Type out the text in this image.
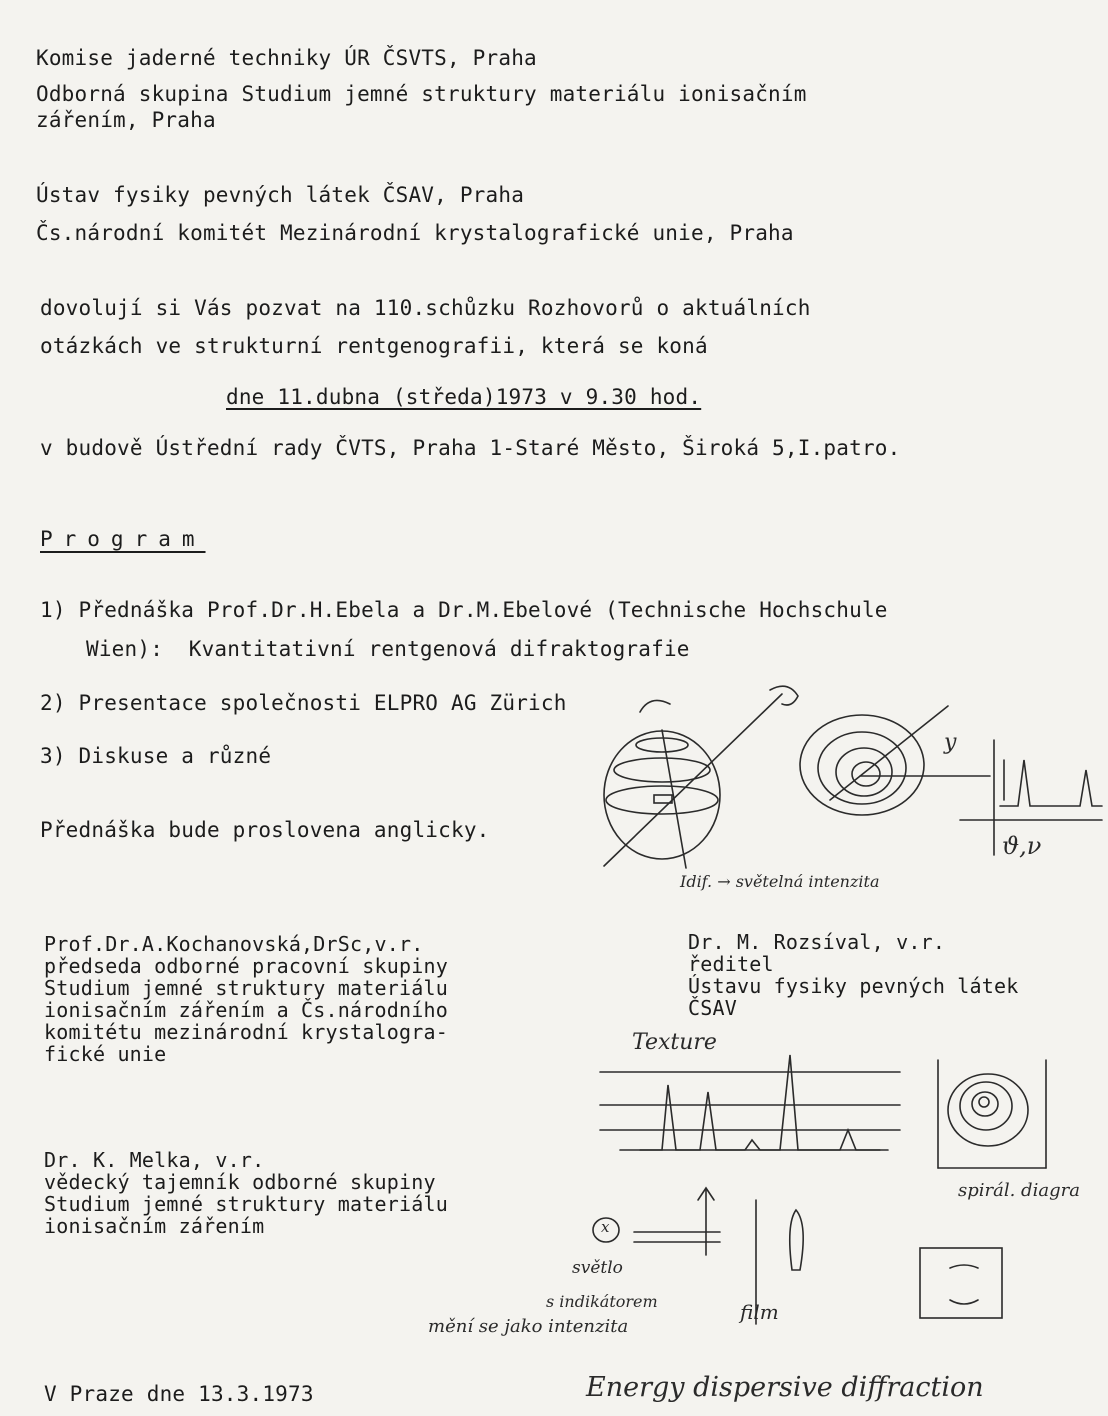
Komise jaderné techniky ÚR ČSVTS, Praha
Odborná skupina Studium jemné struktury materiálu ionisačním
zářením, Praha
Ústav fysiky pevných látek ČSAV, Praha
Čs.národní komitét Mezinárodní krystalografické unie, Praha
dovolují si Vás pozvat na 110.schůzku Rozhovorů o aktuálních
otázkách ve strukturní rentgenografii, která se koná
dne 11.dubna (středa)1973 v 9.30 hod.
v budově Ústřední rady ČVTS, Praha 1-Staré Město, Široká 5,I.patro.
Program
1) Přednáška Prof.Dr.H.Ebela a Dr.M.Ebelové (Technische Hochschule
Wien):  Kvantitativní rentgenová difraktografie
2) Presentace společnosti ELPRO AG Zürich
3) Diskuse a různé
Přednáška bude proslovena anglicky.
Prof.Dr.A.Kochanovská,DrSc,v.r.
předseda odborné pracovní skupiny
Studium jemné struktury materiálu
ionisačním zářením a Čs.národního
komitétu mezinárodní krystalogra-
fické unie
Dr. M. Rozsíval, v.r.
ředitel
Ústavu fysiky pevných látek
ČSAV
Dr. K. Melka, v.r.
vědecký tajemník odborné skupiny
Studium jemné struktury materiálu
ionisačním zářením
V Praze dne 13.3.1973
y
ϑ,ν
Idif. → světelná intenzita
Texture
spirál. diagra
x
světlo
s indikátorem
mění se jako intenzita
film
Energy dispersive diffraction
